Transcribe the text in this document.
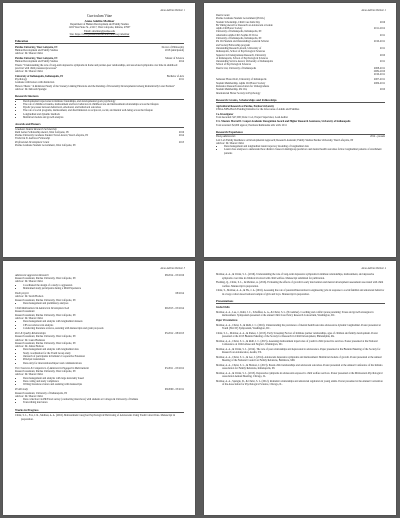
Anna Adelita Mulinar 1
Curriculum Vitae
Anna Adelita Molinar
Department of Human Development and Family Studies
1202 West State St., #1217, West Lafayette, Indiana, 47907
Email: amolinar@purdue.edu
Site: https://www.purdue.edu/hhs/hdfs/directory/amolinar
Education
Purdue University, West Lafayette, IN	Doctor of Philosophy
Human Development and Family Studies	2018 (anticipated)
Advisor: Dr. Sharon Christ
Purdue University, West Lafayette, IN	Master of Science
Human Development and Family Studies	2014
Thesis: "Understanding the role of long-term depressive symptoms in home and partner-peer relationships, and associated symptoms over time in adulthood: practical with child pressures/processes"
Advisor: Dr. Sharon Christ
University of Indianapolis, Indianapolis, IN	Bachelor of Arts
Psychology	2011
Graduate with honors with distinction
Honors Thesis: "A Relational Study of the Scenery Linking Emotions and the Relating of Personality Developmental among Romantically Later Partners"
Advisor: Dr. Deborah Spangle
Research Interests
• Developmental trajectories in intimate/ friendships, and developmental goals psychology
• The role of childhood trauma, maltreatment and how behaviors in childhood are and maltreatment relationships across the lifespan
• Dyadic processes between behavioral, emotional, and behavioral outcomes
• The role of social programs, maltreatment, and discrimination to reciprocal, social, and mental well-being across the lifespan
• Longitudinal and dynamic methods
• Multilevel models and growth analysis
Awards and Honors
Graduate Student Research Scholarship
Ruth Lerner Scholarship Award, West Lafayette, IN	2016
Purdue University Graduate Student Travel Award, West Lafayette, IN	2014
Frederick N. Andrews Fellowship
Professional Development Grant	2013
Purdue Graduate Student Government, West Lafayette, IN
Anna Adelita Mulinar 2
Dean's Grant
Purdue Graduate Student Government (PGSG)
Student Scholarship, Child Care Kids Day	2016
Be Viking Award for Research on Adolescent at Guide
Alpha Chi Honor Society	2011-2012
University of Indianapolis, Indianapolis, IN
Alternative Alpha Chi's Sophia W. Dove	2011
University of Indianapolis, Indianapolis, IN
Psi Chi Student and Outstanding Leader & Scholar	2010-2011
and Society/Fellowship program
Outstanding Research Award, University of	2011
Indianapolis, School of Psychological Sciences
Superior in Undergraduate Research, University	2010
of Indianapolis, School of Psychological Sciences
Outstanding Service Award, University of Indianapolis	2011
School of Psychological Sciences
Dean's List, University of Indianapolis	2008-2011
2009-2010
2010-2011
Semester Honor Roll, University of Indianapolis	2007-2011
Student Membership, Alpha Chi Honor Society	2009-2011
Reference Research Association for Undergraduate
Student Membership, Psi Chi,	2010
International Honor Society in Psychology
Research Grants, Scholarships and Fellowships
Agricultural Research at Purdue, Purdue University
USDA-NIFA Hatch Funding Initiative for the Lifecourse of Adults and Families
Co-Investigator
Total Awarded: $27,000; Role: Co-I, Project Supervisor, Lead Author
U.S. Masters Marcel D. Couper Academic Recognition Award and Higher Research Assistance, University of Indianapolis
Total awarded: $2,000 approx; Positions Ruthrauma tells with: 2011
Research Experience
Young Adolescents	2014 - present
Lab: Lab Family Resilience: A Developmental Approach; Research Assistant; Family Studies Purdue University, West Lafayette, IN
Advisor: Dr. Sharon Christ
• Data management and longitudinal latent trajectory modeling of longitudinal data
• Latent class analyses to understand how distinct classes in multigroup predictors and mental health outcomes follow longitudinal patterns of attachment patterns
Anna Adelita Mulinar 3
Adolescent Aggression Research	08/2014 - 05/2016
Research Assistant, Purdue University, West Lafayette, IN
Advisor: Dr. Sharon Christ
• Coordinated the design of a study to aggression
• Maintained study participants during a Mild Experience
Youth project	08/2014
Advisor: Dr. Sarah Hodson
Research Assistant, Purdue University, West Lafayette, IN
• Data management and preliminary analyses
Child Maltreatment & Adolescent Development Lab	09/2013 - 05/2014
Research Assistant
Research Assistant, Purdue University, West Lafayette, IN
Advisor: Dr. Sharon Christ
• Data management and analysis with longitudinal datasets
• CPS records/records analysis
• Conducting literature reviews, assisting with manuscripts and grant proposals
Peer & Quality Relationships	05/2012 - 08/2013
Research Assistant, Purdue University, West Lafayette, IN
Advisor: Dr. Laura Harkness
Research Assistant, Purdue University, West Lafayette, IN
Advisor: Dr. James Hodson
• Data management and analysis with longitudinal data
• Study coordination for the Youth Group study
• Outreach of participants in Indiana's Cooperative Extension
• Principal translations
• Data entry for interventions/impact and communications
The Closeness & Competence of Adolescents Engaged in Maltreatment	05/2011 - 05/2012
Research Assistant, Purdue University, West Lafayette, IN
Advisor: Dr. Sharon Christ
• Data management and analysis with large nationally based
• Data coding and study compliance
• Writing literature reviews and assisting with manuscripts
PCAD study	08/2009 - 05/2011
Research Assistant, University of Indianapolis, IN
Advisor: Dr. Sharon Christ
• Data collection via PR/Excel survey (conducting interviews) with students at Colleges & University of Indiana
• Transcribing interviews
Works in Progress
Christ, S. L., Fox, J. R., Molinar, A. A. (2016). Maltreatment Caregiver Psychological/Well-being of Adolescents Using Youth Cohort Data. Manuscript in preparation.
Anna Adelita Mulinar 4
Molinar, A. A., & Christ, S. L. (2016). Understanding the role of long-term depressive symptoms in intimate relationships, maltreatment, and depressive symptoms over time in children involved with child welfare. Manuscript submitted for publication.
Fleshing, Q., Christ, S. L., & Molinar, A. (2016). Evaluating the effects of growth in early intervention and mental development assessment associated with child welfare. Manuscript in preparation.
Christ, S., Molinar, A. A., & Ho, J. A. (2016). Assessing the role of parental/Intervention in engineering jobs in response to social/familial and emotional behavior in a large cohort-based national sample of girls and boys. Manuscript in preparation.
Presentations
Invited Talks
Molinar, A. A., Lee, J., Ruhl, J. C., Schaffner, A. A., & Christ, S. L. (November). Coaching and conflict prone parenting: Stress and growth strategies in maltreatment. Symposium presented at the annual Child Care Policy Research Consortium, Washington, DC.
Paper Presentations
Molinar, A. A., Christ, S., & Ruhl, J. C. (2016). Understanding the prevalence of mental health/outcome adolescence dynamic longitudinal. Poster presented at Youth (NLCW) Symposium, Washington, DC.
Christ, S. L., Molinar, A. A., & Parker, J. (2015). Early Screening Factors of Intimate partner relationships, ages of children and family development. Poster presented at the 2015 Biennial Meeting of the Society for Research in Child Development, Philadelphia, PA.
Molinar, A. A., Christ, S. L., & Ruhl, J. C. (2015). Assessing maltreatment trajectories of youth in child protective services. Poster presented at the National Conference on Child Abuse and Neglect, Washington, DC.
Molinar, A. A., & Christ, S. L. (2014). The role of peer relationships and depression in adolescence. Paper presented at the Biennial Meeting of the Society for Research on Adolescence, Austin, TX.
Molinar, A. A., Christ, S. L., & Lee, J. (2014). Adolescent depressive symptoms and maltreatment: Multilevel models of growth. Poster presented at the Annual Meeting of the National Council on Family Relations, Baltimore, MD.
Molinar, A. A., Christ, S. L., & Hodson, J. (2013). Parent-child relationships and adolescent outcomes. Poster presented at the Annual Conference of the Indiana Association for Family Relations, Indianapolis, IN.
Molinar, A. A., & Christ, S. L. (2013). Depressive symptoms in adolescents exposed to child welfare services. Poster presented at the Midwestern Psychological Association Annual Meeting, Chicago, IL.
Molinar, A. A., Spangle, D., & Christ, S. L. (2012). Romantic relationships and emotional regulation in young adults. Poster presented at the Annual Convention of the Association for Psychological Science, Chicago, IL.
